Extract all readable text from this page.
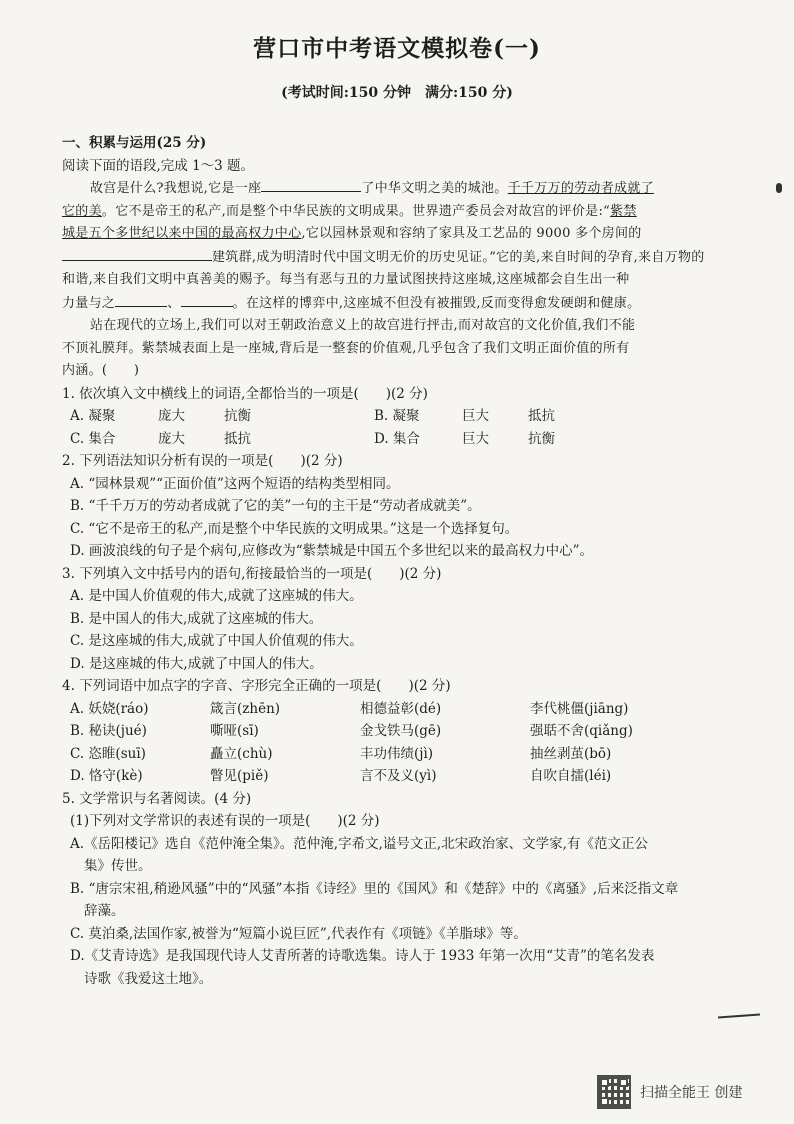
营口市中考语文模拟卷(一)
(考试时间:150 分钟　满分:150 分)
一、积累与运用(25 分)
阅读下面的语段,完成 1～3 题。
故宫是什么?我想说,它是一座	了中华文明之美的城池。千千万万的劳动者成就了
它的美。它不是帝王的私产,而是整个中华民族的文明成果。世界遗产委员会对故宫的评价是:“紫禁
城是五个多世纪以来中国的最高权力中心,它以园林景观和容纳了家具及工艺品的 9000 多个房间的
建筑群,成为明清时代中国文明无价的历史见证。”它的美,来自时间的孕育,来自万物的
和谐,来自我们文明中真善美的赐予。每当有恶与丑的力量试图挟持这座城,这座城都会自生出一种
力量与之	、	。在这样的博弈中,这座城不但没有被摧毁,反而变得愈发硬朗和健康。
站在现代的立场上,我们可以对王朝政治意义上的故宫进行抨击,而对故宫的文化价值,我们不能
不顶礼膜拜。紫禁城表面上是一座城,背后是一整套的价值观,几乎包含了我们文明正面价值的所有
内涵。(　　)
1. 依次填入文中横线上的词语,全都恰当的一项是(　　)(2 分)
A. 凝聚	庞大	抗衡	B. 凝聚	巨大	抵抗
C. 集合	庞大	抵抗	D. 集合	巨大	抗衡
2. 下列语法知识分析有误的一项是(　　)(2 分)
A. “园林景观”“正面价值”这两个短语的结构类型相同。
B. “千千万万的劳动者成就了它的美”一句的主干是“劳动者成就美”。
C. “它不是帝王的私产,而是整个中华民族的文明成果。”这是一个选择复句。
D. 画波浪线的句子是个病句,应修改为“紫禁城是中国五个多世纪以来的最高权力中心”。
3. 下列填入文中括号内的语句,衔接最恰当的一项是(　　)(2 分)
A. 是中国人价值观的伟大,成就了这座城的伟大。
B. 是中国人的伟大,成就了这座城的伟大。
C. 是这座城的伟大,成就了中国人价值观的伟大。
D. 是这座城的伟大,成就了中国人的伟大。
4. 下列词语中加点字的字音、字形完全正确的一项是(　　)(2 分)
A. 妖娆(ráo)	箴言(zhēn)	相德益彰(dé)	李代桃僵(jiāng)
B. 秘诀(jué)	嘶哑(sī)	金戈铁马(gē)	强聒不舍(qiǎng)
C. 恣睢(suī)	矗立(chù)	丰功伟绩(jì)	抽丝剥茧(bō)
D. 恪守(kè)	瞥见(piě)	言不及义(yì)	自吹自擂(léi)
5. 文学常识与名著阅读。(4 分)
(1)下列对文学常识的表述有误的一项是(　　)(2 分)
A.《岳阳楼记》选自《范仲淹全集》。范仲淹,字希文,谥号文正,北宋政治家、文学家,有《范文正公
集》传世。
B. “唐宗宋祖,稍逊风骚”中的“风骚”本指《诗经》里的《国风》和《楚辞》中的《离骚》,后来泛指文章
辞藻。
C. 莫泊桑,法国作家,被誉为“短篇小说巨匠”,代表作有《项链》《羊脂球》等。
D.《艾青诗选》是我国现代诗人艾青所著的诗歌选集。诗人于 1933 年第一次用“艾青”的笔名发表
诗歌《我爱这土地》。
扫描全能王 创建
